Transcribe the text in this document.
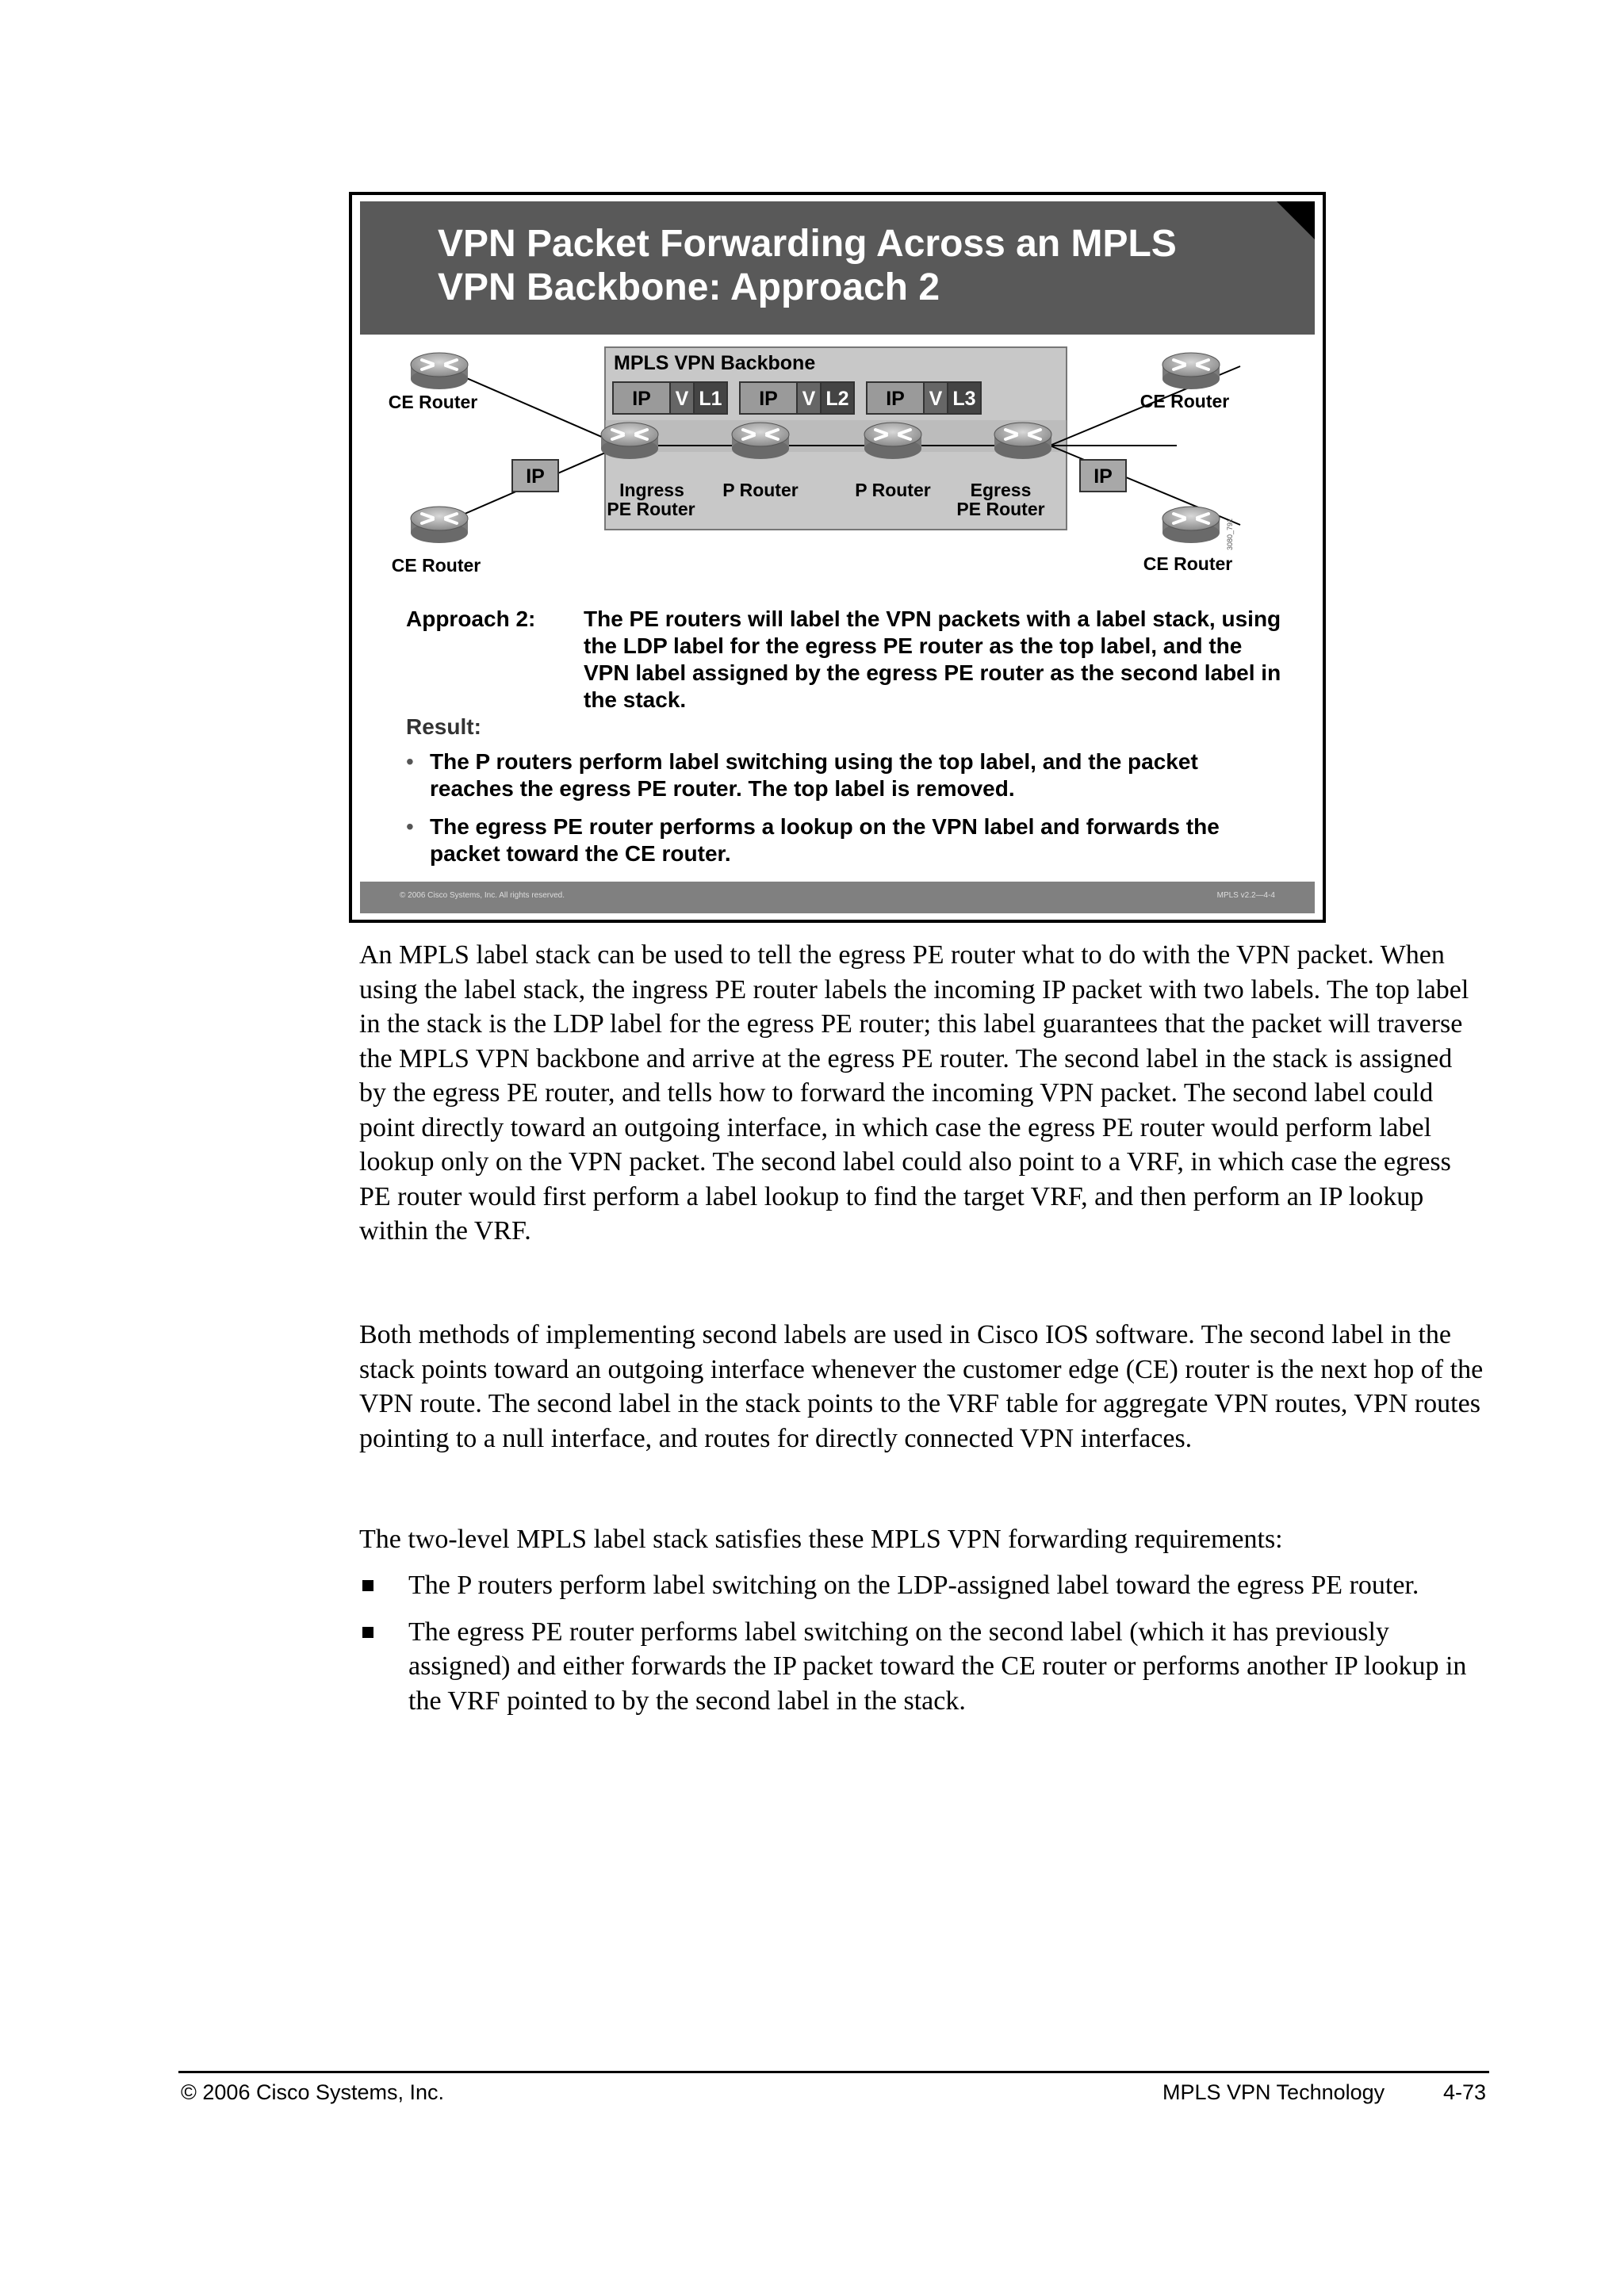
VPN Packet Forwarding Across an MPLS
VPN Backbone: Approach 2
MPLS VPN Backbone
IP V L1 IP V L2 IP V L3
IP	IP
CE Router
CE Router
CE Router
CE Router
Ingress
PE Router
P Router	P Router Egress
PE Router
3080_791
Approach 2: The PE routers will label the VPN packets with a label stack, using the LDP label for the egress PE router as the top label, and the VPN label assigned by the egress PE router as the second label in the stack.
Result:
• The P routers perform label switching using the top label, and the packet reaches the egress PE router. The top label is removed.
• The egress PE router performs a lookup on the VPN label and forwards the packet toward the CE router.
© 2006 Cisco Systems, Inc. All rights reserved.	MPLS v2.2—4-4

An MPLS label stack can be used to tell the egress PE router what to do with the VPN packet. When using the label stack, the ingress PE router labels the incoming IP packet with two labels. The top label in the stack is the LDP label for the egress PE router; this label guarantees that the packet will traverse the MPLS VPN backbone and arrive at the egress PE router. The second label in the stack is assigned by the egress PE router, and tells how to forward the incoming VPN packet. The second label could point directly toward an outgoing interface, in which case the egress PE router would perform label lookup only on the VPN packet. The second label could also point to a VRF, in which case the egress PE router would first perform a label lookup to find the target VRF, and then perform an IP lookup within the VRF.

Both methods of implementing second labels are used in Cisco IOS software. The second label in the stack points toward an outgoing interface whenever the customer edge (CE) router is the next hop of the VPN route. The second label in the stack points to the VRF table for aggregate VPN routes, VPN routes pointing to a null interface, and routes for directly connected VPN interfaces.

The two-level MPLS label stack satisfies these MPLS VPN forwarding requirements:

The P routers perform label switching on the LDP-assigned label toward the egress PE router.
The egress PE router performs label switching on the second label (which it has previously assigned) and either forwards the IP packet toward the CE router or performs another IP lookup in the VRF pointed to by the second label in the stack.
© 2006 Cisco Systems, Inc.	MPLS VPN Technology	4-73
